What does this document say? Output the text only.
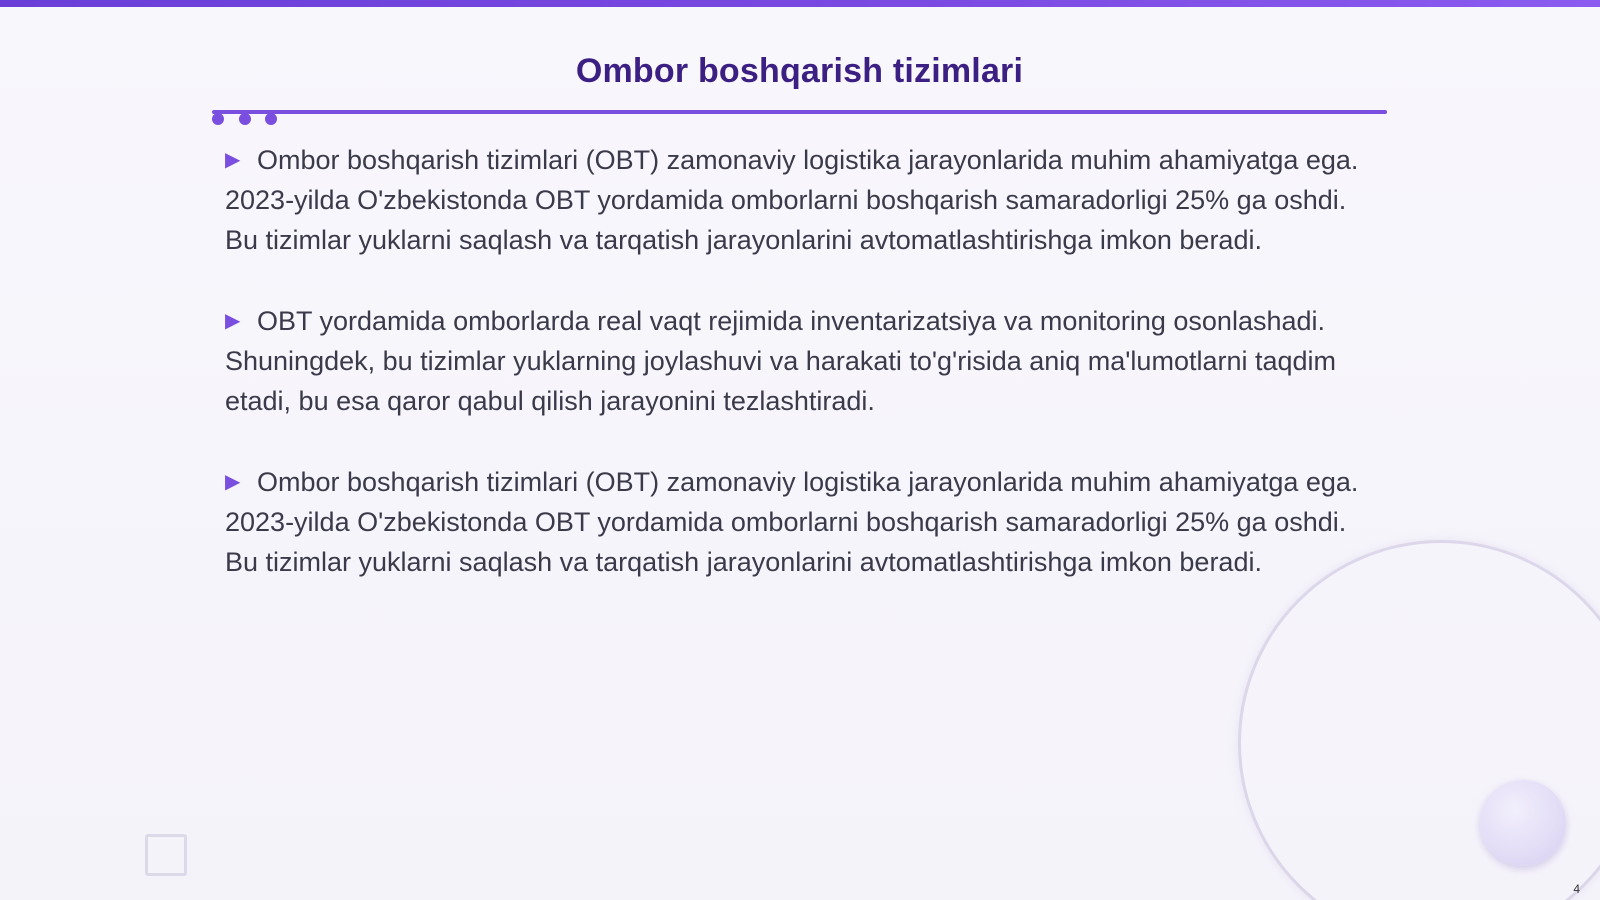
Ombor boshqarish tizimlari

▶ Ombor boshqarish tizimlari (OBT) zamonaviy logistika jarayonlarida muhim ahamiyatga ega. 2023-yilda O'zbekistonda OBT yordamida omborlarni boshqarish samaradorligi 25% ga oshdi. Bu tizimlar yuklarni saqlash va tarqatish jarayonlarini avtomatlashtirishga imkon beradi.

▶ OBT yordamida omborlarda real vaqt rejimida inventarizatsiya va monitoring osonlashadi. Shuningdek, bu tizimlar yuklarning joylashuvi va harakati to'g'risida aniq ma'lumotlarni taqdim etadi, bu esa qaror qabul qilish jarayonini tezlashtiradi.

▶ Ombor boshqarish tizimlari (OBT) zamonaviy logistika jarayonlarida muhim ahamiyatga ega. 2023-yilda O'zbekistonda OBT yordamida omborlarni boshqarish samaradorligi 25% ga oshdi. Bu tizimlar yuklarni saqlash va tarqatish jarayonlarini avtomatlashtirishga imkon beradi.

4
